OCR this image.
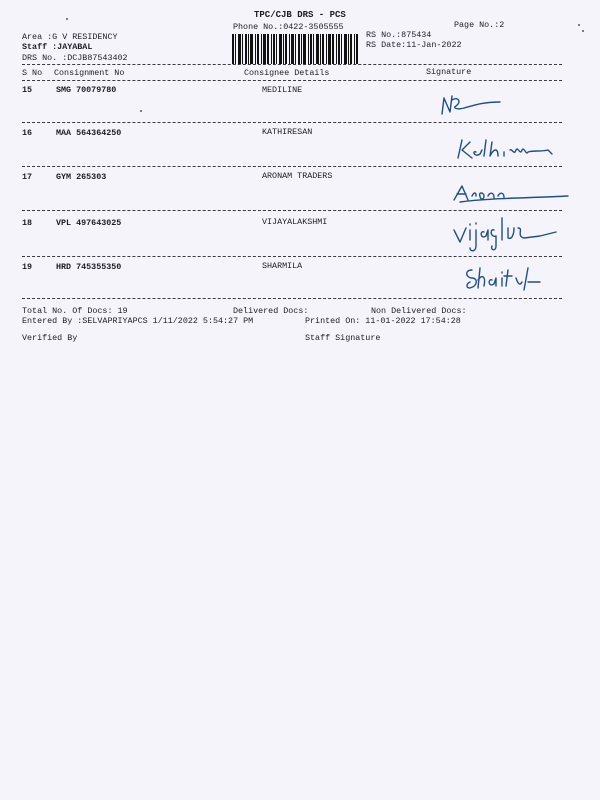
TPC/CJB DRS - PCS
Phone No.:0422-3505555	Page No.:2
Area :G V RESIDENCY
Staff :JAYABAL
DRS No. :DCJB87543402
RS No.:875434
RS Date:11-Jan-2022
S No Consignment No	Consignee Details	Signature
15	SMG 70079780	MEDILINE
16	MAA 564364250	KATHIRESAN
17	GYM 265303	ARONAM TRADERS
18	VPL 497643025	VIJAYALAKSHMI
19	HRD 745355350	SHARMILA
Total No. Of Docs: 19	Delivered Docs:	Non Delivered Docs:
Entered By :SELVAPRIYAPCS 1/11/2022 5:54:27 PM	Printed On: 11-01-2022 17:54:28
Verified By	Staff Signature
